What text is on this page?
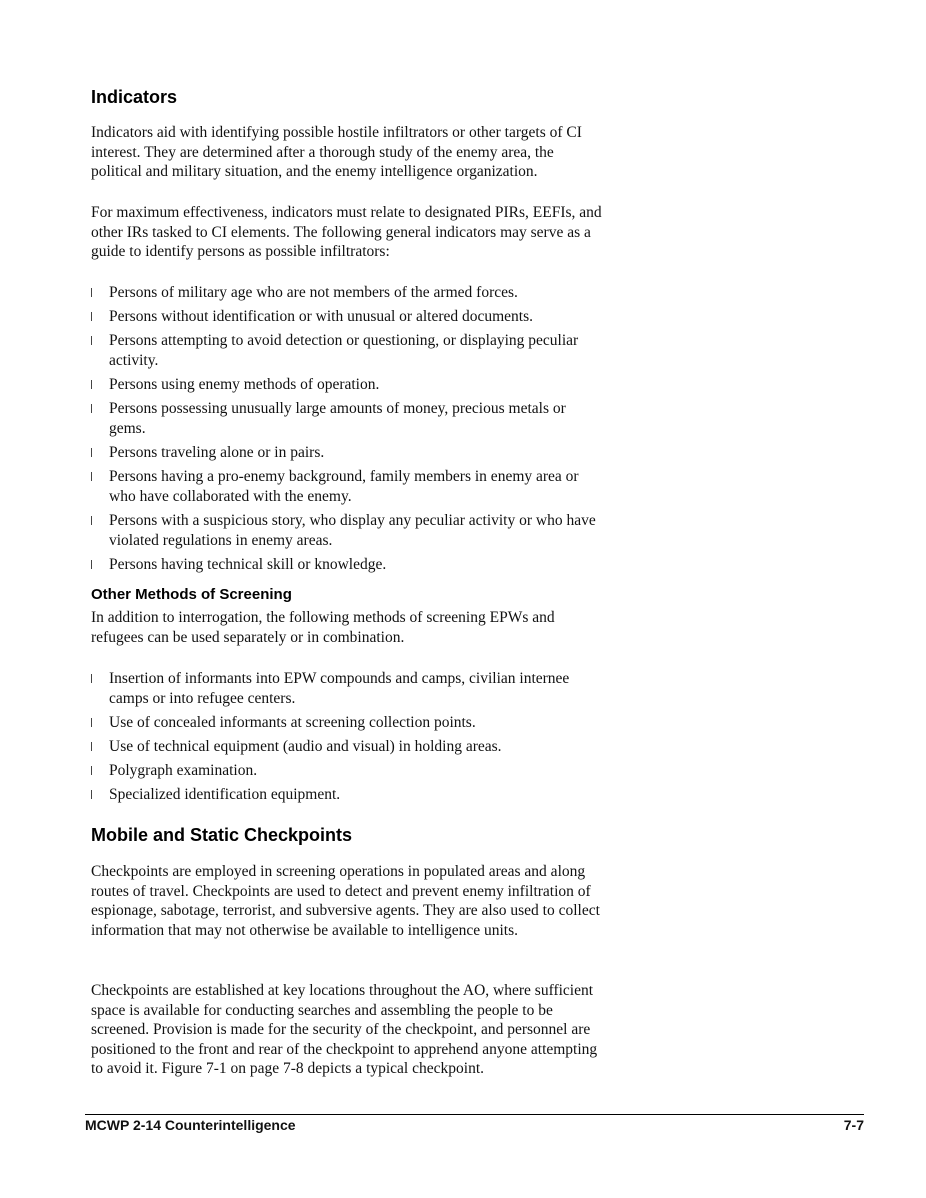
Indicators

Indicators aid with identifying possible hostile infiltrators or other targets of CI interest. They are determined after a thorough study of the enemy area, the political and military situation, and the enemy intelligence organization.

For maximum effectiveness, indicators must relate to designated PIRs, EEFIs, and other IRs tasked to CI elements. The following general indicators may serve as a guide to identify persons as possible infiltrators:

Persons of military age who are not members of the armed forces.
Persons without identification or with unusual or altered documents.
Persons attempting to avoid detection or questioning, or displaying peculiar activity.
Persons using enemy methods of operation.
Persons possessing unusually large amounts of money, precious metals or gems.
Persons traveling alone or in pairs.
Persons having a pro-enemy background, family members in enemy area or who have collaborated with the enemy.
Persons with a suspicious story, who display any peculiar activity or who have violated regulations in enemy areas.
Persons having technical skill or knowledge.
Other Methods of Screening

In addition to interrogation, the following methods of screening EPWs and refugees can be used separately or in combination.

Insertion of informants into EPW compounds and camps, civilian internee camps or into refugee centers.
Use of concealed informants at screening collection points.
Use of technical equipment (audio and visual) in holding areas.
Polygraph examination.
Specialized identification equipment.
Mobile and Static Checkpoints

Checkpoints are employed in screening operations in populated areas and along routes of travel. Checkpoints are used to detect and prevent enemy infiltration of espionage, sabotage, terrorist, and subversive agents. They are also used to collect information that may not otherwise be available to intelligence units.

Checkpoints are established at key locations throughout the AO, where sufficient space is available for conducting searches and assembling the people to be screened. Provision is made for the security of the checkpoint, and personnel are positioned to the front and rear of the checkpoint to apprehend anyone attempting to avoid it. Figure 7-1 on page 7-8 depicts a typical checkpoint.

MCWP 2-14 Counterintelligence	7-7
